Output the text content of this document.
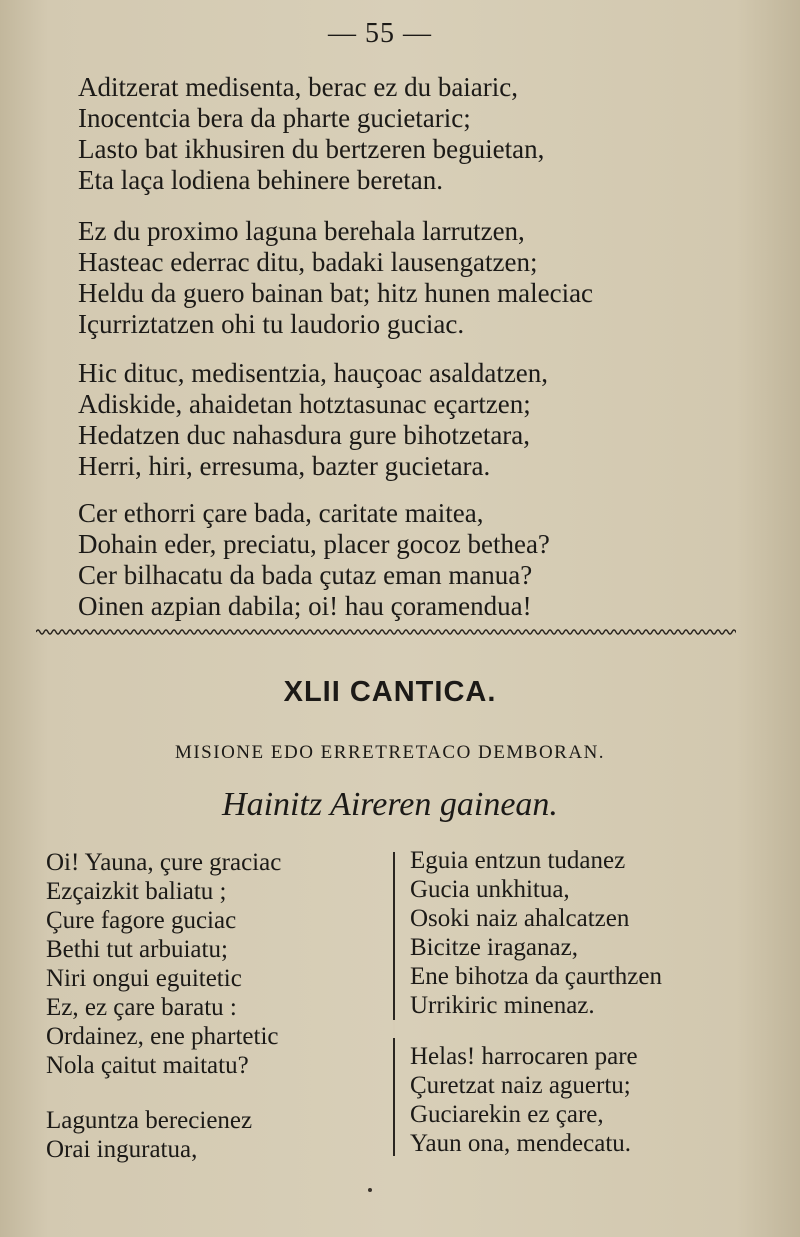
— 55 —
Aditzerat medisenta, berac ez du baiaric,
Inocentcia bera da pharte gucietaric;
Lasto bat ikhusiren du bertzeren beguietan,
Eta laça lodiena behinere beretan.
Ez du proximo laguna berehala larrutzen,
Hasteac ederrac ditu, badaki lausengatzen;
Heldu da guero bainan bat; hitz hunen maleciac
Içurriztatzen ohi tu laudorio guciac.
Hic dituc, medisentzia, hauçoac asaldatzen,
Adiskide, ahaidetan hotztasunac eçartzen;
Hedatzen duc nahasdura gure bihotzetara,
Herri, hiri, erresuma, bazter gucietara.
Cer ethorri çare bada, caritate maitea,
Dohain eder, preciatu, placer gocoz bethea?
Cer bilhacatu da bada çutaz eman manua?
Oinen azpian dabila; oi! hau çoramendua!
XLII CANTICA.
MISIONE EDO ERRETRETACO DEMBORAN.
Hainitz Aireren gainean.
Oi! Yauna, çure graciac
Ezçaizkit baliatu ;
Çure fagore guciac
Bethi tut arbuiatu;
Niri ongui eguitetic
Ez, ez çare baratu :
Ordainez, ene phartetic
Nola çaitut maitatu?
Laguntza berecienez
Orai inguratua,
Eguia entzun tudanez
Gucia unkhitua,
Osoki naiz ahalcatzen
Bicitze iraganaz,
Ene bihotza da çaurthzen
Urrikiric minenaz.
Helas! harrocaren pare
Çuretzat naiz aguertu;
Guciarekin ez çare,
Yaun ona, mendecatu.
